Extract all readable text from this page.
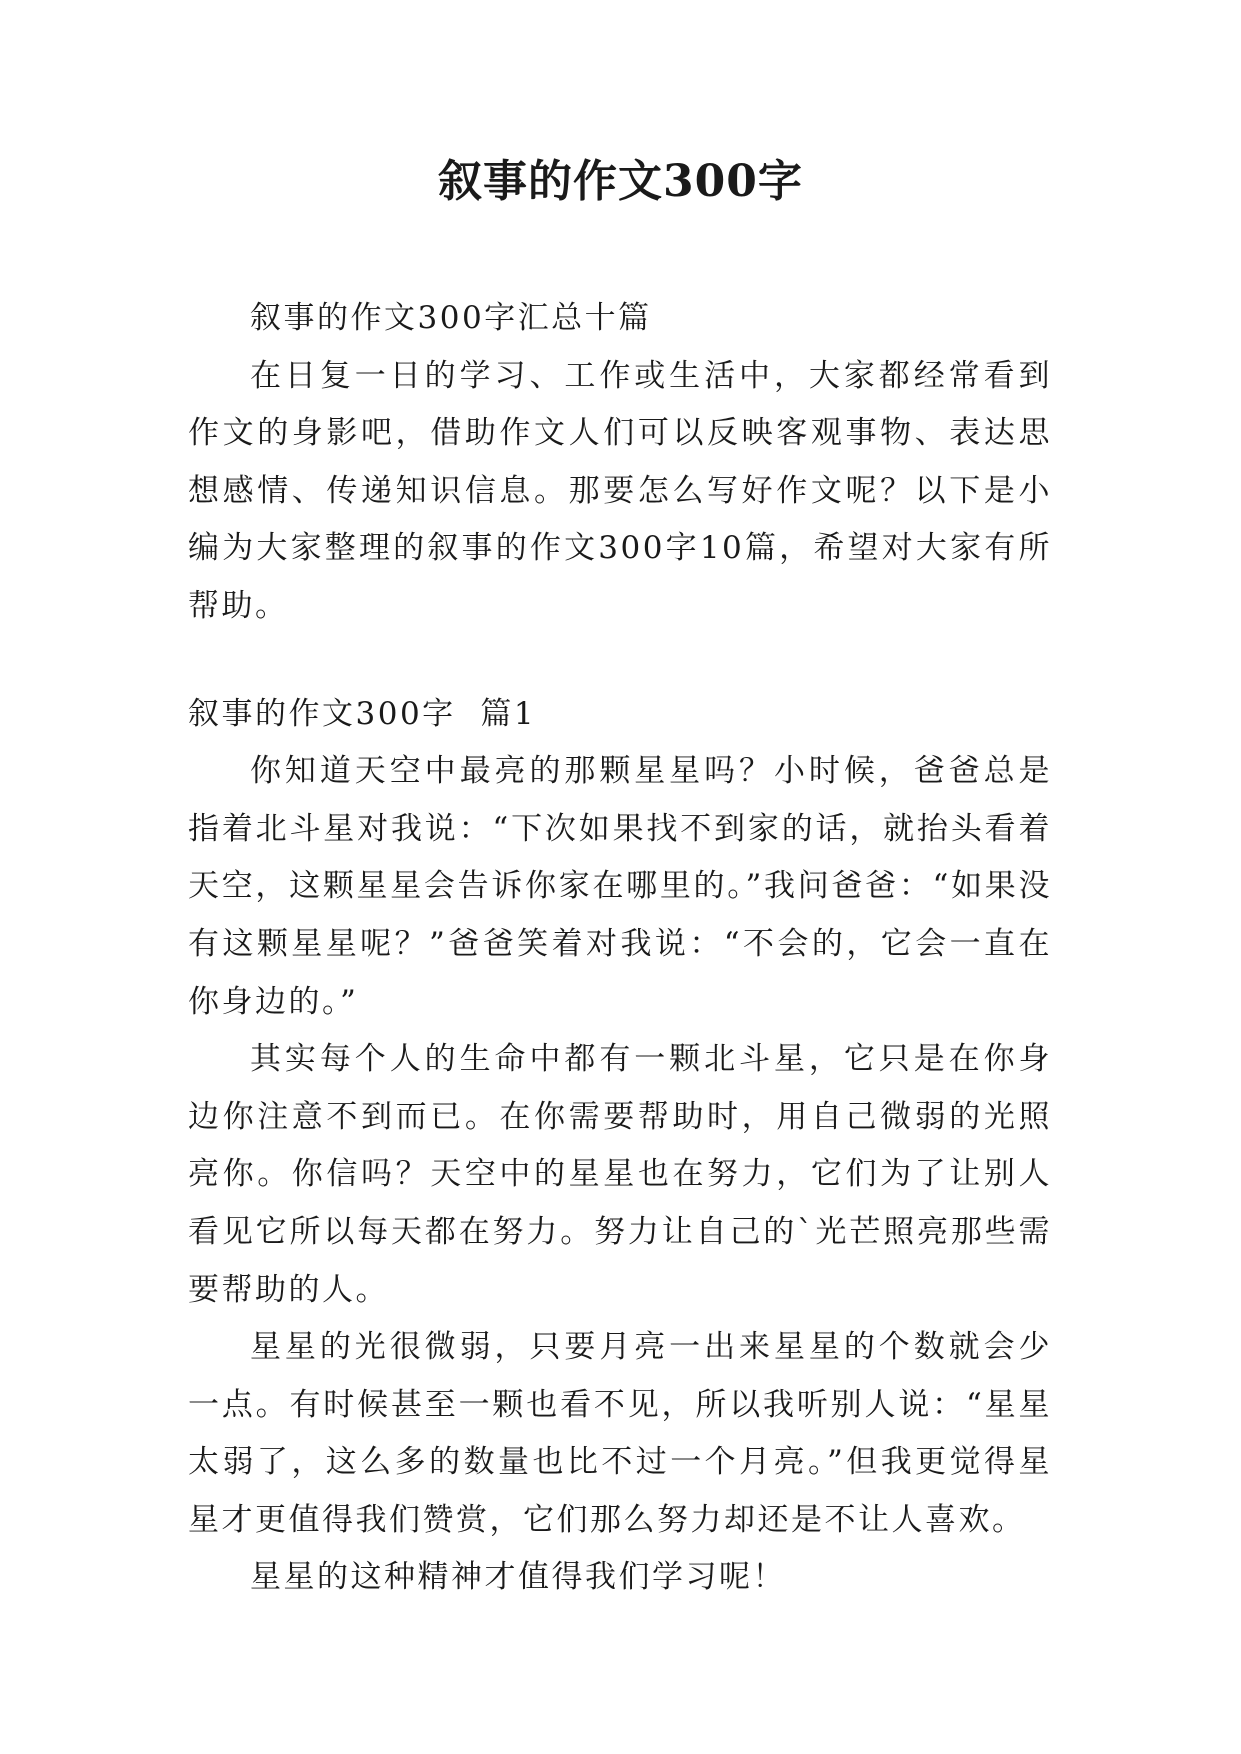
叙事的作文300字

叙事的作文300字汇总十篇

在日复一日的学习、工作或生活中，大家都经常看到作文的身影吧，借助作文人们可以反映客观事物、表达思想感情、传递知识信息。那要怎么写好作文呢？以下是小编为大家整理的叙事的作文300字10篇，希望对大家有所帮助。

叙事的作文300字  篇1

你知道天空中最亮的那颗星星吗？小时候，爸爸总是指着北斗星对我说：“下次如果找不到家的话，就抬头看着天空，这颗星星会告诉你家在哪里的。”我问爸爸：“如果没有这颗星星呢？”爸爸笑着对我说：“不会的，它会一直在你身边的。”

其实每个人的生命中都有一颗北斗星，它只是在你身边你注意不到而已。在你需要帮助时，用自己微弱的光照亮你。你信吗？天空中的星星也在努力，它们为了让别人看见它所以每天都在努力。努力让自己的`光芒照亮那些需要帮助的人。

星星的光很微弱，只要月亮一出来星星的个数就会少一点。有时候甚至一颗也看不见，所以我听别人说：“星星太弱了，这么多的数量也比不过一个月亮。”但我更觉得星星才更值得我们赞赏，它们那么努力却还是不让人喜欢。

星星的这种精神才值得我们学习呢！
